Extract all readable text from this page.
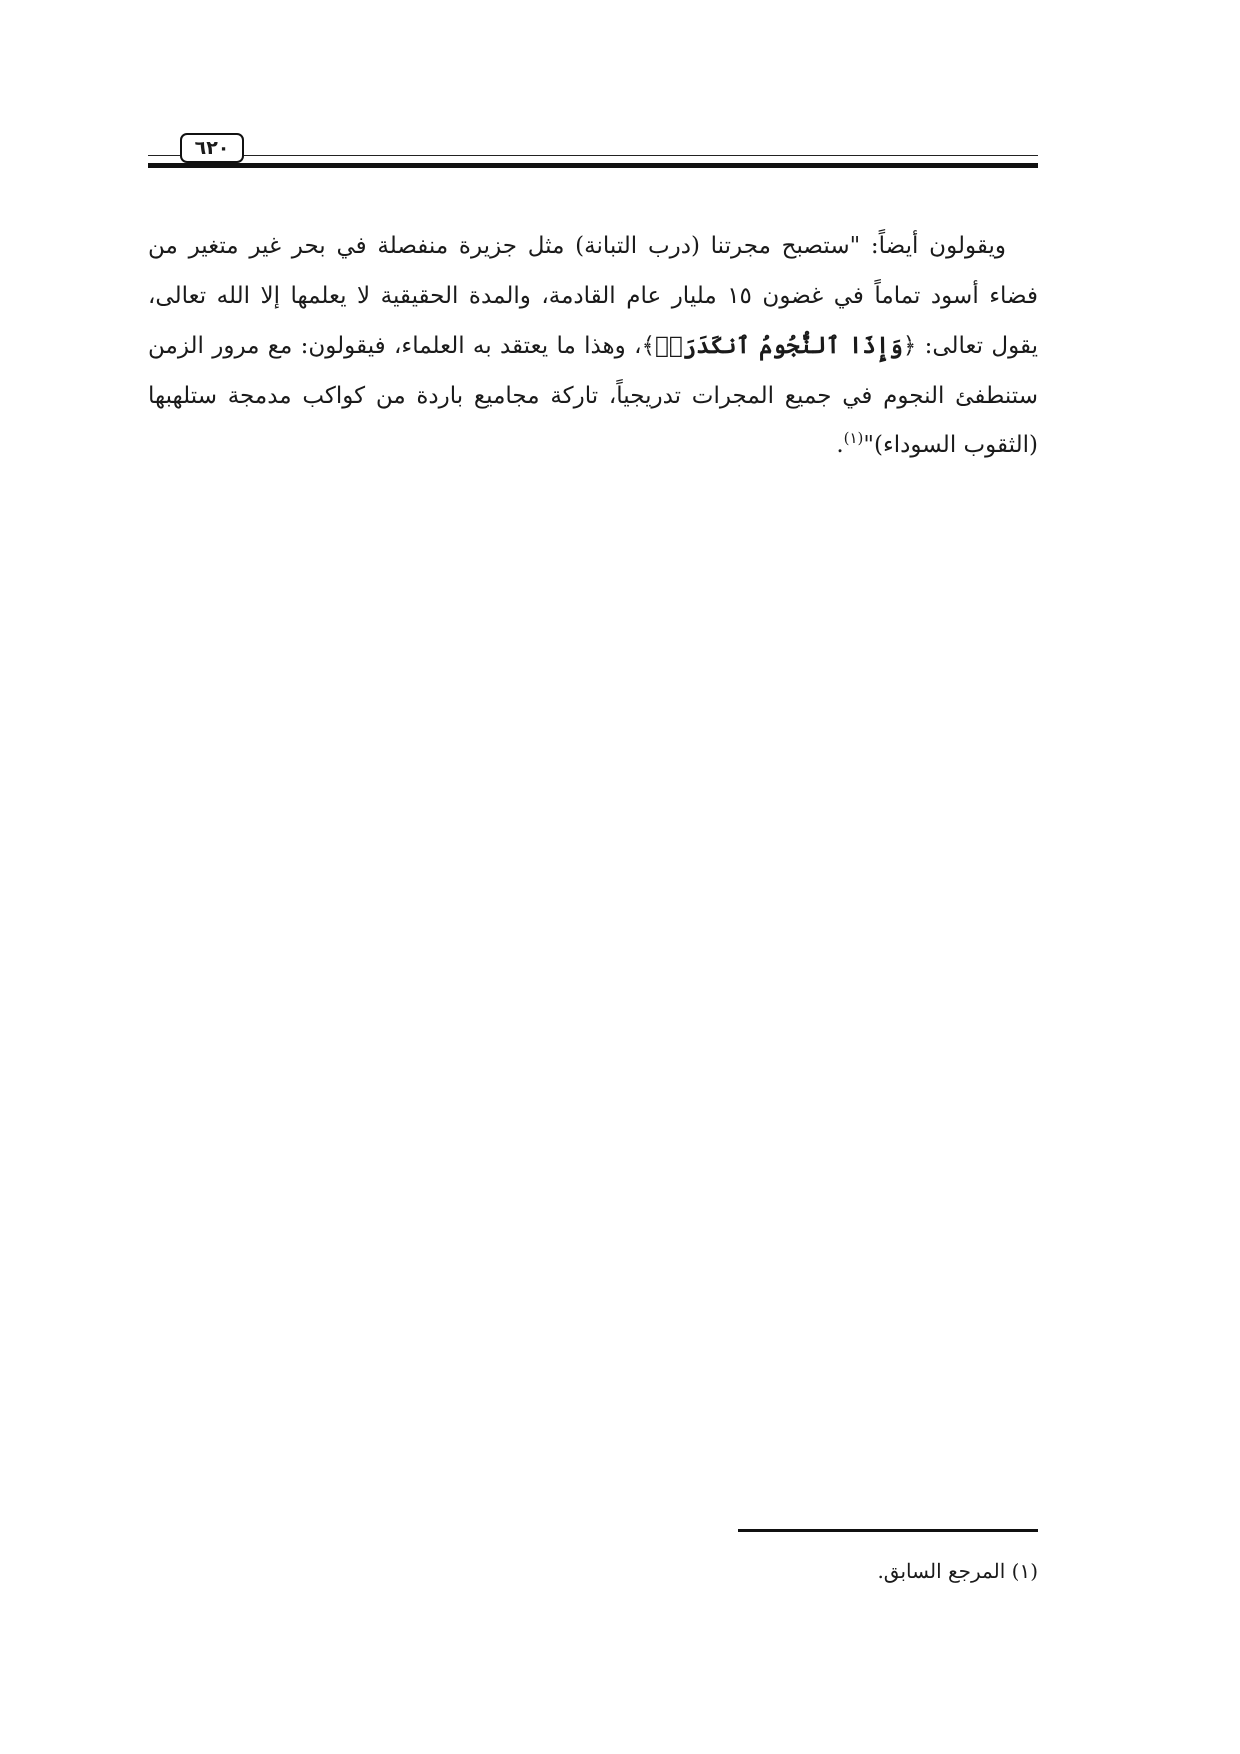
٦٢٠

ويقولون أيضاً: "ستصبح مجرتنا (درب التبانة) مثل جزيرة منفصلة في بحر غير متغير من فضاء أسود تماماً في غضون ١٥ مليار عام القادمة، والمدة الحقيقية لا يعلمها إلا الله تعالى، يقول تعالى: ﴿وَإِذَا ٱلنُّجُومُ ٱنكَدَرَتۡ﴾، وهذا ما يعتقد به العلماء، فيقولون: مع مرور الزمن ستنطفئ النجوم في جميع المجرات تدريجياً، تاركة مجاميع باردة من كواكب مدمجة ستلهبها (الثقوب السوداء)"$^{(١)}$.

(١) المرجع السابق.
